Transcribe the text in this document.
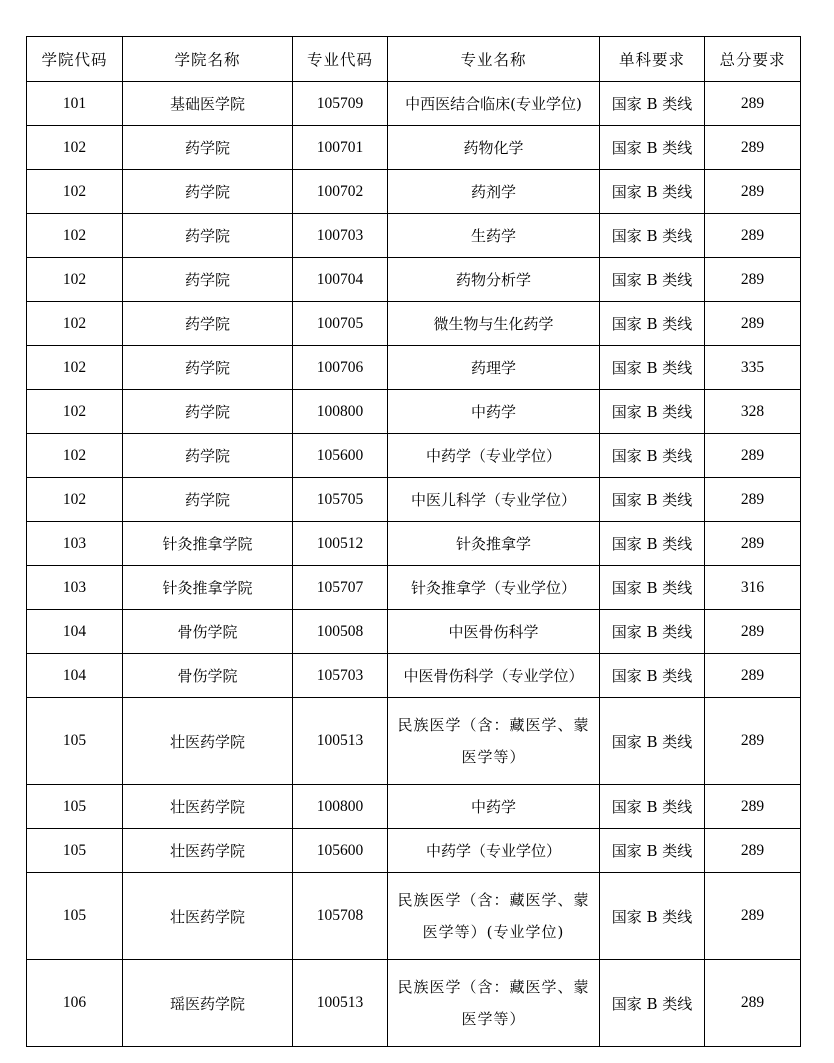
学院代码	学院名称	专业代码	专业名称	单科要求	总分要求
101	基础医学院	105709	中西医结合临床(专业学位)	国家 B 类线	289
102	药学院	100701	药物化学	国家 B 类线	289
102	药学院	100702	药剂学	国家 B 类线	289
102	药学院	100703	生药学	国家 B 类线	289
102	药学院	100704	药物分析学	国家 B 类线	289
102	药学院	100705	微生物与生化药学	国家 B 类线	289
102	药学院	100706	药理学	国家 B 类线	335
102	药学院	100800	中药学	国家 B 类线	328
102	药学院	105600	中药学（专业学位）	国家 B 类线	289
102	药学院	105705	中医儿科学（专业学位）	国家 B 类线	289
103	针灸推拿学院	100512	针灸推拿学	国家 B 类线	289
103	针灸推拿学院	105707	针灸推拿学（专业学位）	国家 B 类线	316
104	骨伤学院	100508	中医骨伤科学	国家 B 类线	289
104	骨伤学院	105703	中医骨伤科学（专业学位）	国家 B 类线	289
105	壮医药学院	100513	民族医学（含：藏医学、蒙医学等）	国家 B 类线	289
105	壮医药学院	100800	中药学	国家 B 类线	289
105	壮医药学院	105600	中药学（专业学位）	国家 B 类线	289
105	壮医药学院	105708	民族医学（含：藏医学、蒙医学等）(专业学位)	国家 B 类线	289
106	瑶医药学院	100513	民族医学（含：藏医学、蒙医学等）	国家 B 类线	289
